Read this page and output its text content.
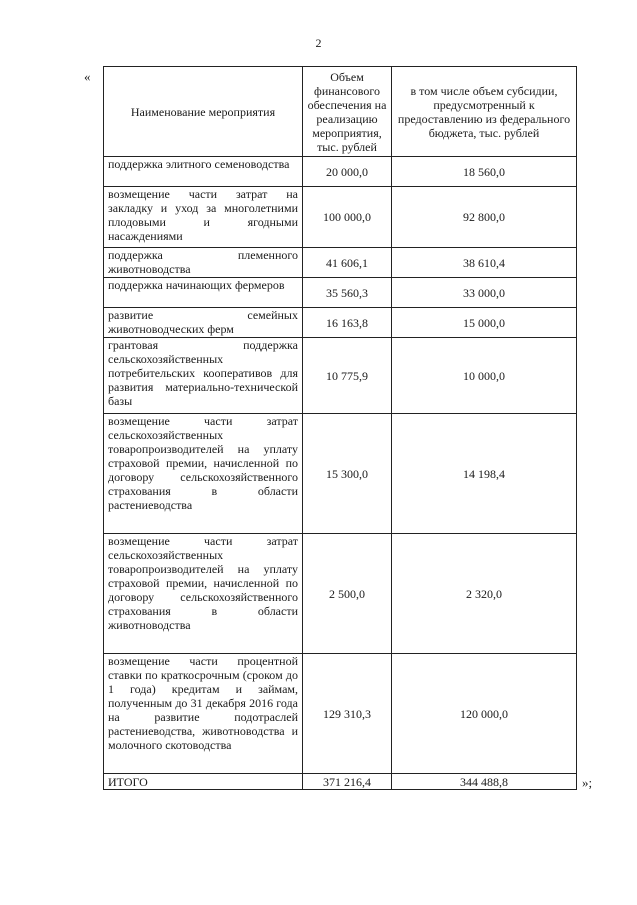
2
«
»;
Наименование мероприятия	Объем финансового обеспечения на реализацию мероприятия, тыс. рублей	в том числе объем субсидии, предусмотренный к предоставлению из федерального бюджета, тыс. рублей
поддержка элитного семеноводства	20 000,0	18 560,0
возмещение части затрат на закладку и уход за многолетними плодовыми и ягодными насаждениями	100 000,0	92 800,0
поддержка племенного животноводства	41 606,1	38 610,4
поддержка начинающих фермеров	35 560,3	33 000,0
развитие семейных животноводческих ферм	16 163,8	15 000,0
грантовая поддержка сельскохозяйственных потребительских кооперативов для развития материально-технической базы	10 775,9	10 000,0
возмещение части затрат сельскохозяйственных товаропроизводителей на уплату страховой премии, начисленной по договору сельскохозяйственного страхования в области растениеводства	15 300,0	14 198,4
возмещение части затрат сельскохозяйственных товаропроизводителей на уплату страховой премии, начисленной по договору сельскохозяйственного страхования в области животноводства	2 500,0	2 320,0
возмещение части процентной ставки по краткосрочным (сроком до 1 года) кредитам и займам, полученным до 31 декабря 2016 года на развитие подотраслей растениеводства, животноводства и молочного скотоводства	129 310,3	120 000,0
ИТОГО	371 216,4	344 488,8
